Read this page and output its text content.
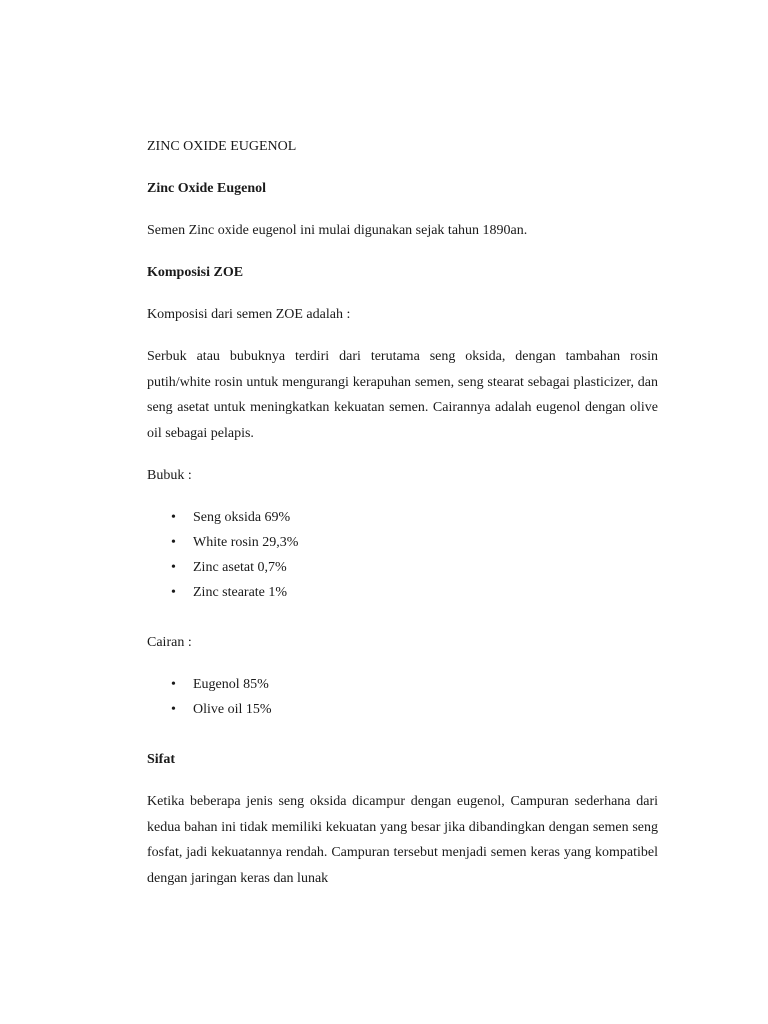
ZINC OXIDE EUGENOL

Zinc Oxide Eugenol

Semen Zinc oxide eugenol ini mulai digunakan sejak tahun 1890an.

Komposisi ZOE

Komposisi dari semen ZOE adalah :

Serbuk atau bubuknya terdiri dari terutama seng oksida, dengan tambahan rosin putih/white rosin untuk mengurangi kerapuhan semen, seng stearat sebagai plasticizer, dan seng asetat untuk meningkatkan kekuatan semen. Cairannya adalah eugenol dengan olive oil sebagai pelapis.

Bubuk :

• Seng oksida 69%
• White rosin 29,3%
• Zinc asetat 0,7%
• Zinc stearate 1%

Cairan :

• Eugenol 85%
• Olive oil 15%

Sifat

Ketika beberapa jenis seng oksida dicampur dengan eugenol, Campuran sederhana dari kedua bahan ini tidak memiliki kekuatan yang besar jika dibandingkan dengan semen seng fosfat, jadi kekuatannya rendah. Campuran tersebut menjadi semen keras yang kompatibel dengan jaringan keras dan lunak
